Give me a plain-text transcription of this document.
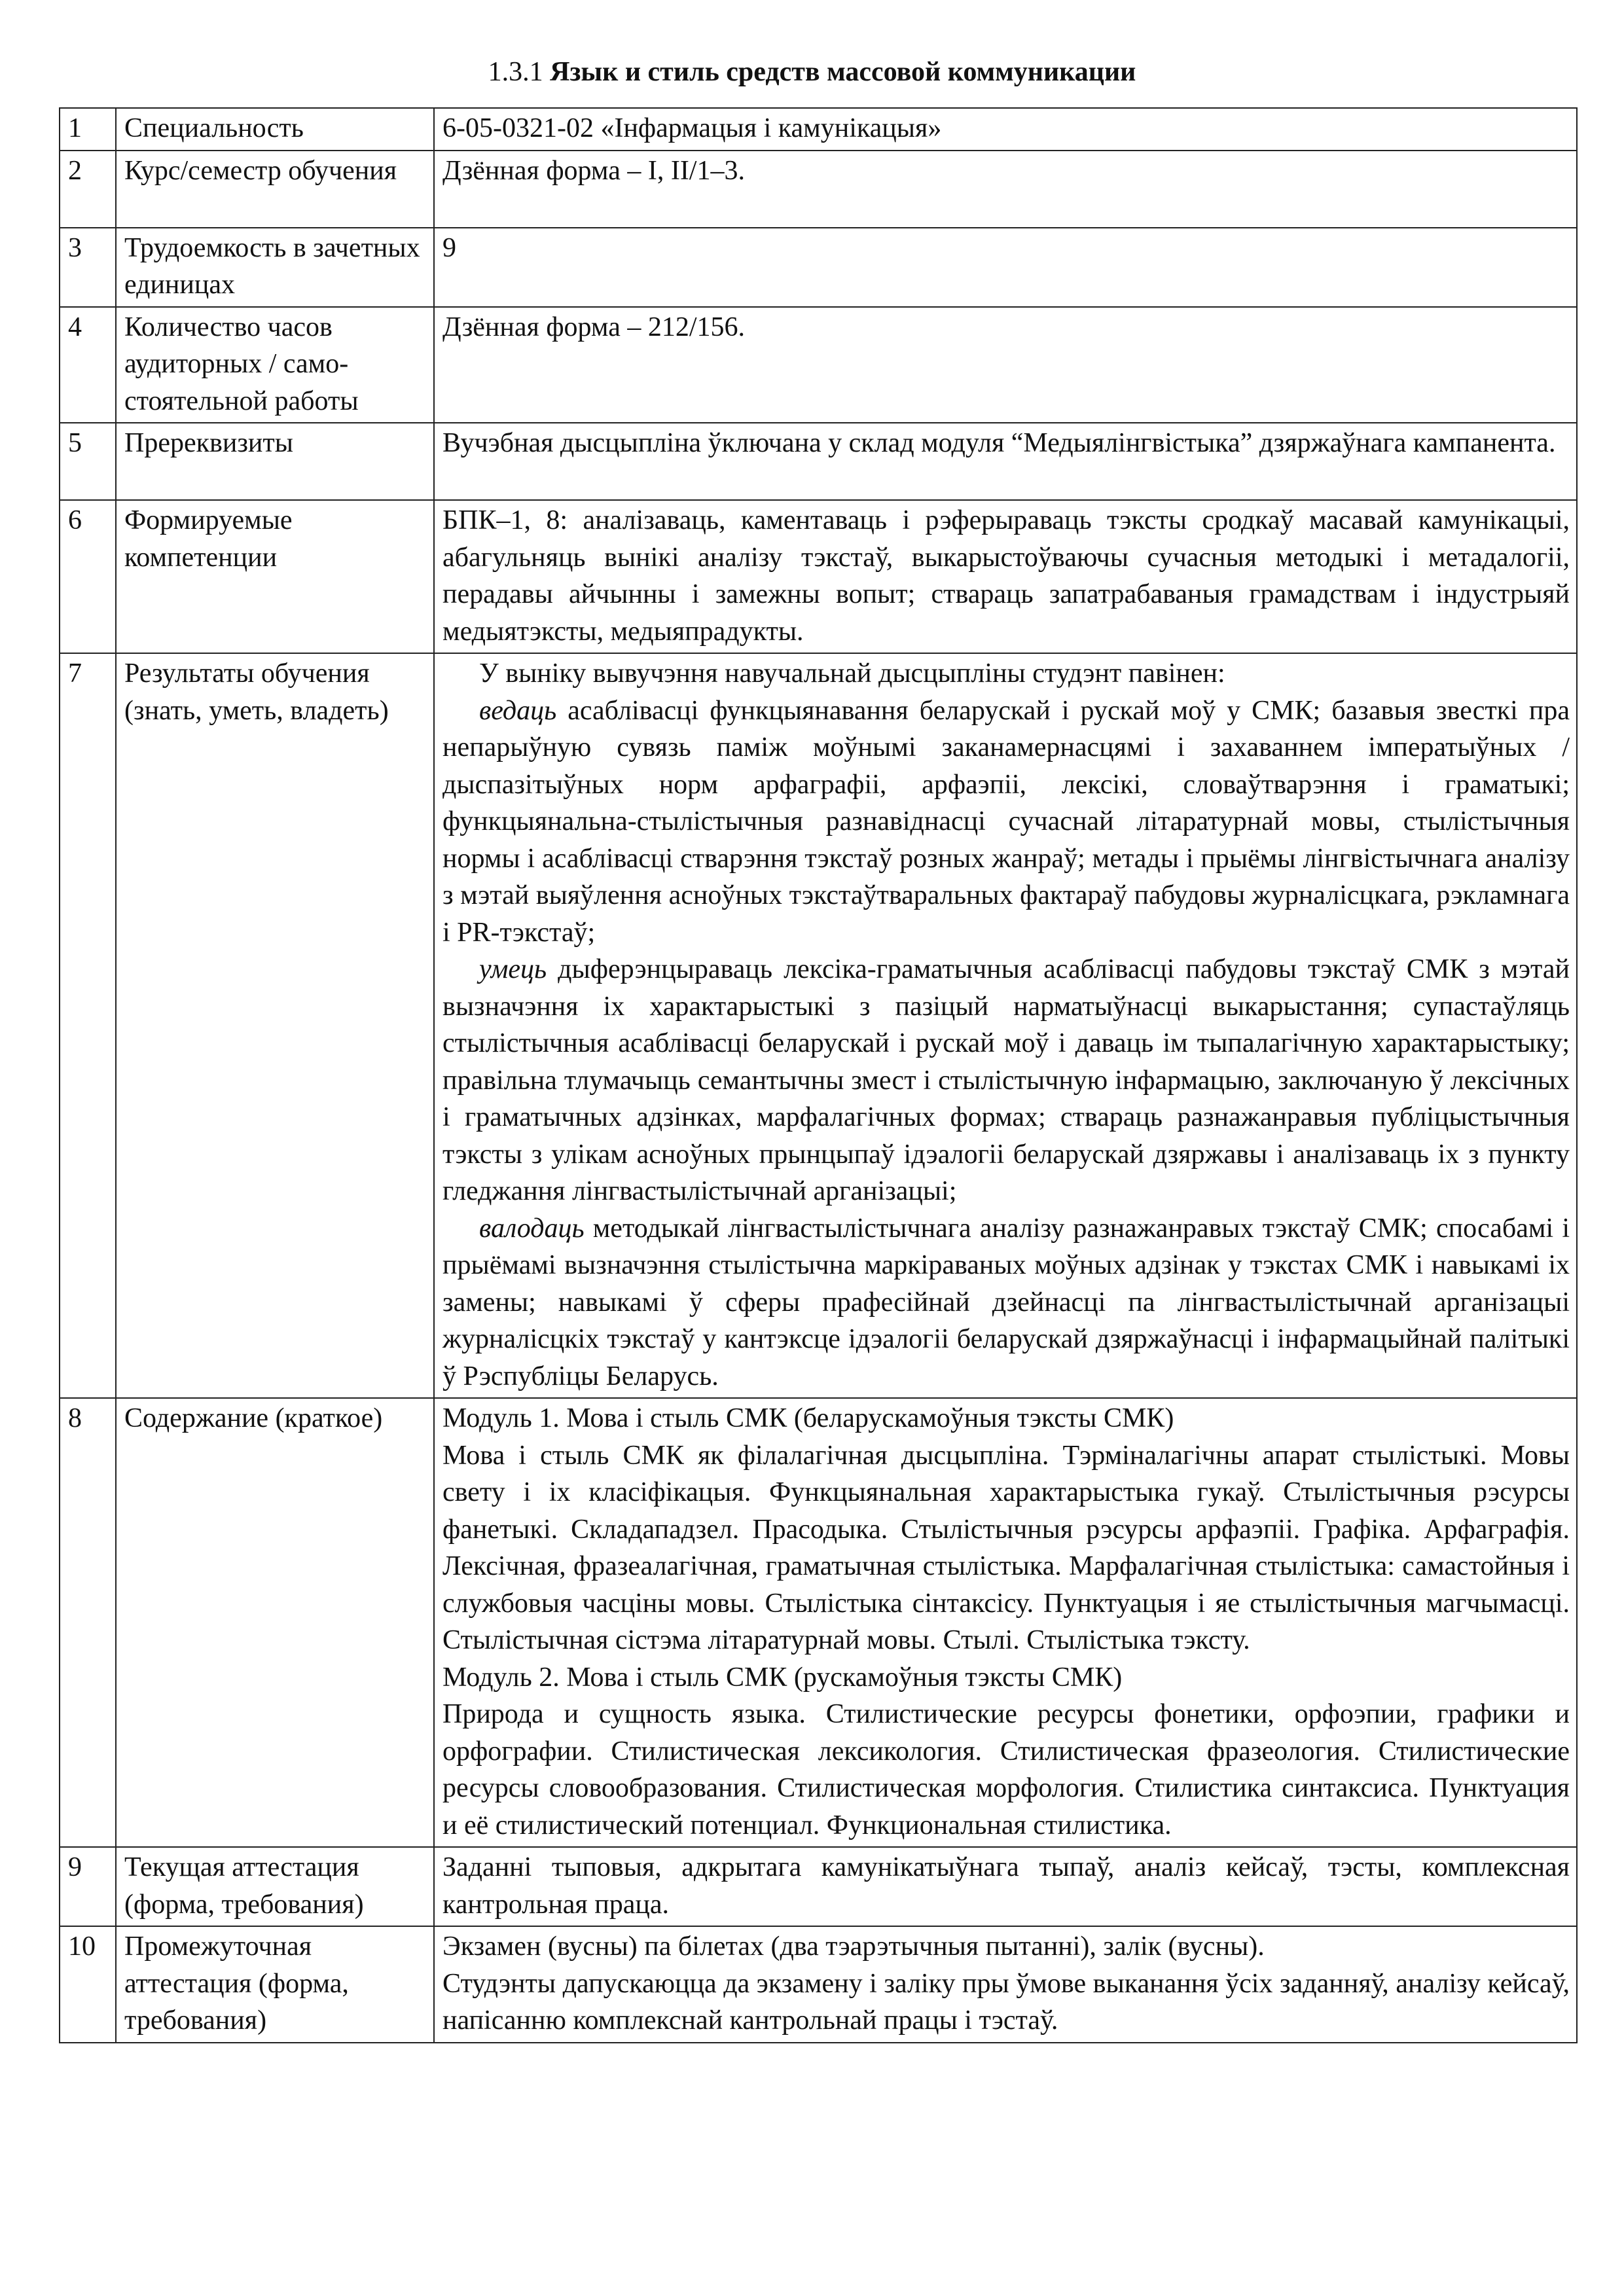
1.3.1 Язык и стиль средств массовой коммуникации
1	Специальность	6-05-0321-02 «Інфармацыя і камунікацыя»

2	Курс/семестр обучения	Дзённая форма – I, II/1–3.

3	Трудоемкость в зачетных единицах	9

4	Количество часов аудиторных / само-стоятельной работы	Дзённая форма – 212/156.

5	Пререквизиты	Вучэбная дысцыпліна ўключана у склад модуля “Медыялінгвістыка” дзяржаўнага кампанента.

6	Формируемые компетенции	БПК–1, 8: аналізаваць, каментаваць і рэферыраваць тэксты сродкаў масавай камунікацыі, абагульняць вынікі аналізу тэкстаў, выкарыстоўваючы сучасныя методыкі і метадалогіі, перадавы айчынны і замежны вопыт; ствараць запатрабаваныя грамадствам і індустрыяй медыятэксты, медыяпрадукты.

7	Результаты обучения (знать, уметь, владеть)	У выніку вывучэння навучальнай дысцыпліны студэнт павінен:

ведаць асаблівасці функцыянавання беларускай і рускай моў у СМК; базавыя звесткі пра непарыўную сувязь паміж моўнымі заканамернасцямі і захаваннем імператыўных / дыспазітыўных норм арфаграфіі, арфаэпіі, лексікі, словаўтварэння і граматыкі; функцыянальна-стылістычныя разнавіднасці сучаснай літаратурнай мовы, стылістычныя нормы і асаблівасці стварэння тэкстаў розных жанраў; метады і прыёмы лінгвістычнага аналізу з мэтай выяўлення асноўных тэкстаўтваральных фактараў пабудовы журналісцкага, рэкламнага і PR-тэкстаў;

умець дыферэнцыраваць лексіка-граматычныя асаблівасці пабудовы тэкстаў СМК з мэтай вызначэння іх характарыстыкі з пазіцый нарматыўнасці выкарыстання; супастаўляць стылістычныя асаблівасці беларускай і рускай моў і даваць ім тыпалагічную характарыстыку; правільна тлумачыць семантычны змест і стылістычную інфармацыю, заключаную ў лексічных і граматычных адзінках, марфалагічных формах; ствараць разнажанравыя публіцыстычныя тэксты з улікам асноўных прынцыпаў ідэалогіі беларускай дзяржавы і аналізаваць іх з пункту гледжання лінгвастылістычнай арганізацыі;

валодаць методыкай лінгвастылістычнага аналізу разнажанравых тэкстаў СМК; спосабамі і прыёмамі вызначэння стылістычна маркіраваных моўных адзінак у тэкстах СМК і навыкамі іх замены; навыкамі ў сферы прафесійнай дзейнасці па лінгвастылістычнай арганізацыі журналісцкіх тэкстаў у кантэксце ідэалогіі беларускай дзяржаўнасці і інфармацыйнай палітыкі ў Рэспубліцы Беларусь.

8	Содержание (краткое)	Модуль 1. Мова і стыль СМК (беларускамоўныя тэксты СМК)

Мова і стыль СМК як філалагічная дысцыпліна. Тэрміналагічны апарат стылістыкі. Мовы свету і іх класіфікацыя. Функцыянальная характарыстыка гукаў. Стылістычныя рэсурсы фанетыкі. Складападзел. Прасодыка. Стылістычныя рэсурсы арфаэпіі. Графіка. Арфаграфія. Лексічная, фразеалагічная, граматычная стылістыка. Марфалагічная стылістыка: самастойныя і службовыя часціны мовы. Стылістыка сінтаксісу. Пунктуацыя і яе стылістычныя магчымасці. Стылістычная сістэма літаратурнай мовы. Стылі. Стылістыка тэксту.

Модуль 2. Мова і стыль СМК (рускамоўныя тэксты СМК)

Природа и сущность языка. Стилистические ресурсы фонетики, орфоэпии, графики и орфографии. Стилистическая лексикология. Стилистическая фразеология. Стилистические ресурсы словообразования. Стилистическая морфология. Стилистика синтаксиса. Пунктуация и её стилистический потенциал. Функциональная стилистика.

9	Текущая аттестация (форма, требования)	Заданні тыповыя, адкрытага камунікатыўнага тыпаў, аналіз кейсаў, тэсты, комплексная кантрольная праца.

10	Промежуточная аттестация (форма, требования)	Экзамен (вусны) па білетах (два тэарэтычныя пытанні), залік (вусны).

Студэнты дапускаюцца да экзамену і заліку пры ўмове выканання ўсіх заданняў, аналізу кейсаў, напісанню комплекснай кантрольнай працы і тэстаў.
